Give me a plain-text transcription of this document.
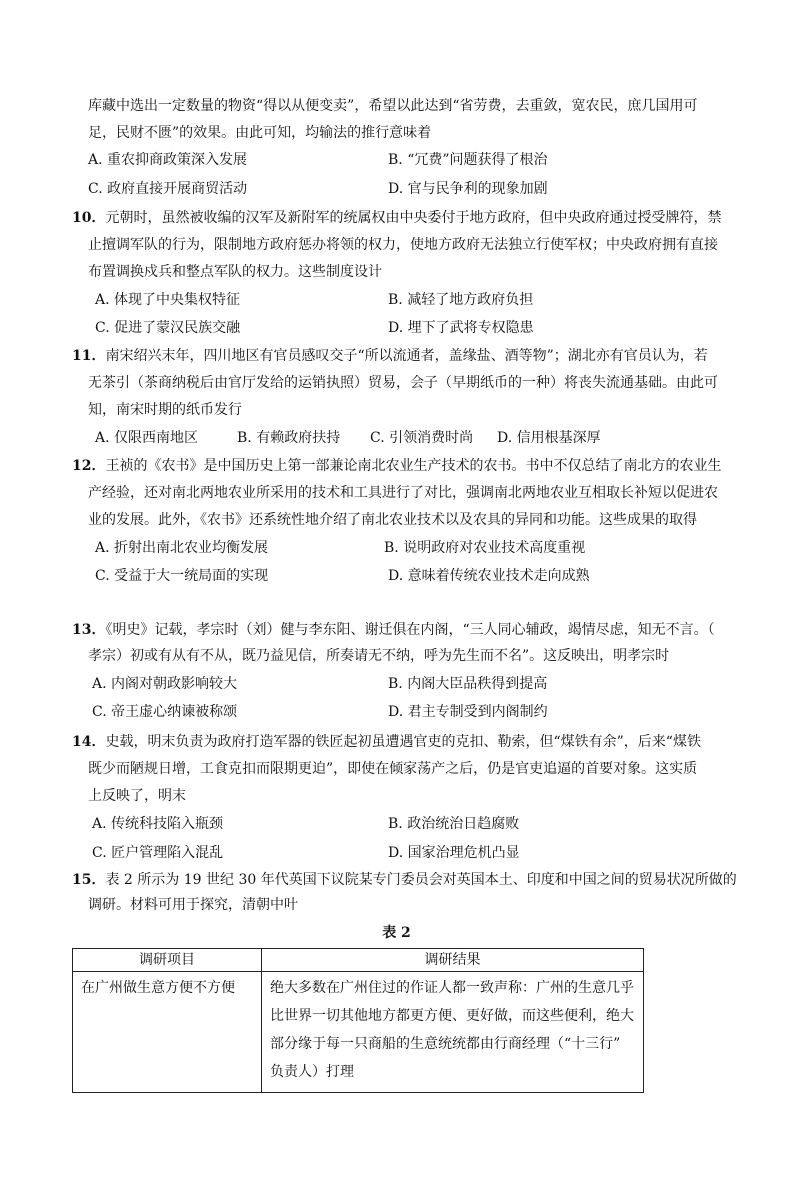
库藏中选出一定数量的物资“得以从便变卖”，希望以此达到“省劳费，去重敛，宽农民，庶几国用可
足，民财不匮”的效果。由此可知，均输法的推行意味着
A. 重农抑商政策深入发展	B. “冗费”问题获得了根治
C. 政府直接开展商贸活动	D. 官与民争利的现象加剧
10．元朝时，虽然被收编的汉军及新附军的统属权由中央委付于地方政府，但中央政府通过授受牌符，禁
止擅调军队的行为，限制地方政府惩办将领的权力，使地方政府无法独立行使军权；中央政府拥有直接
布置调换戍兵和整点军队的权力。这些制度设计
A. 体现了中央集权特征	B. 减轻了地方政府负担
C. 促进了蒙汉民族交融	D. 埋下了武将专权隐患
11．南宋绍兴末年，四川地区有官员感叹交子“所以流通者，盖缘盐、酒等物”；湖北亦有官员认为，若
无茶引（茶商纳税后由官厅发给的运销执照）贸易，会子（早期纸币的一种）将丧失流通基础。由此可
知，南宋时期的纸币发行
A. 仅限西南地区	B. 有赖政府扶持 C. 引领消费时尚 D. 信用根基深厚
12．王祯的《农书》是中国历史上第一部兼论南北农业生产技术的农书。书中不仅总结了南北方的农业生
产经验，还对南北两地农业所采用的技术和工具进行了对比，强调南北两地农业互相取长补短以促进农
业的发展。此外，《农书》还系统性地介绍了南北农业技术以及农具的异同和功能。这些成果的取得
A. 折射出南北农业均衡发展	B. 说明政府对农业技术高度重视
C. 受益于大一统局面的实现	D. 意味着传统农业技术走向成熟
13．《明史》记载，孝宗时（刘）健与李东阳、谢迁俱在内阁，“三人同心辅政，竭情尽虑，知无不言。（
孝宗）初或有从有不从，既乃益见信，所奏请无不纳，呼为先生而不名”。这反映出，明孝宗时
A. 内阁对朝政影响较大	B. 内阁大臣品秩得到提高
C. 帝王虚心纳谏被称颂	D. 君主专制受到内阁制约
14．史载，明末负责为政府打造军器的铁匠起初虽遭遇官吏的克扣、勒索，但“煤铁有余”，后来“煤铁
既少而陋规日增，工食克扣而限期更迫”，即使在倾家荡产之后，仍是官吏追逼的首要对象。这实质
上反映了，明末
A. 传统科技陷入瓶颈	B. 政治统治日趋腐败
C. 匠户管理陷入混乱	D. 国家治理危机凸显
15．表 2 所示为 19 世纪 30 年代英国下议院某专门委员会对英国本土、印度和中国之间的贸易状况所做的
调研。材料可用于探究，清朝中叶
表 2
调研项目	调研结果
在广州做生意方便不方便	绝大多数在广州住过的作证人都一致声称：广州的生意几乎
比世界一切其他地方都更方便、更好做，而这些便利，绝大
部分缘于每一只商船的生意统统都由行商经理（“十三行”
负责人）打理
